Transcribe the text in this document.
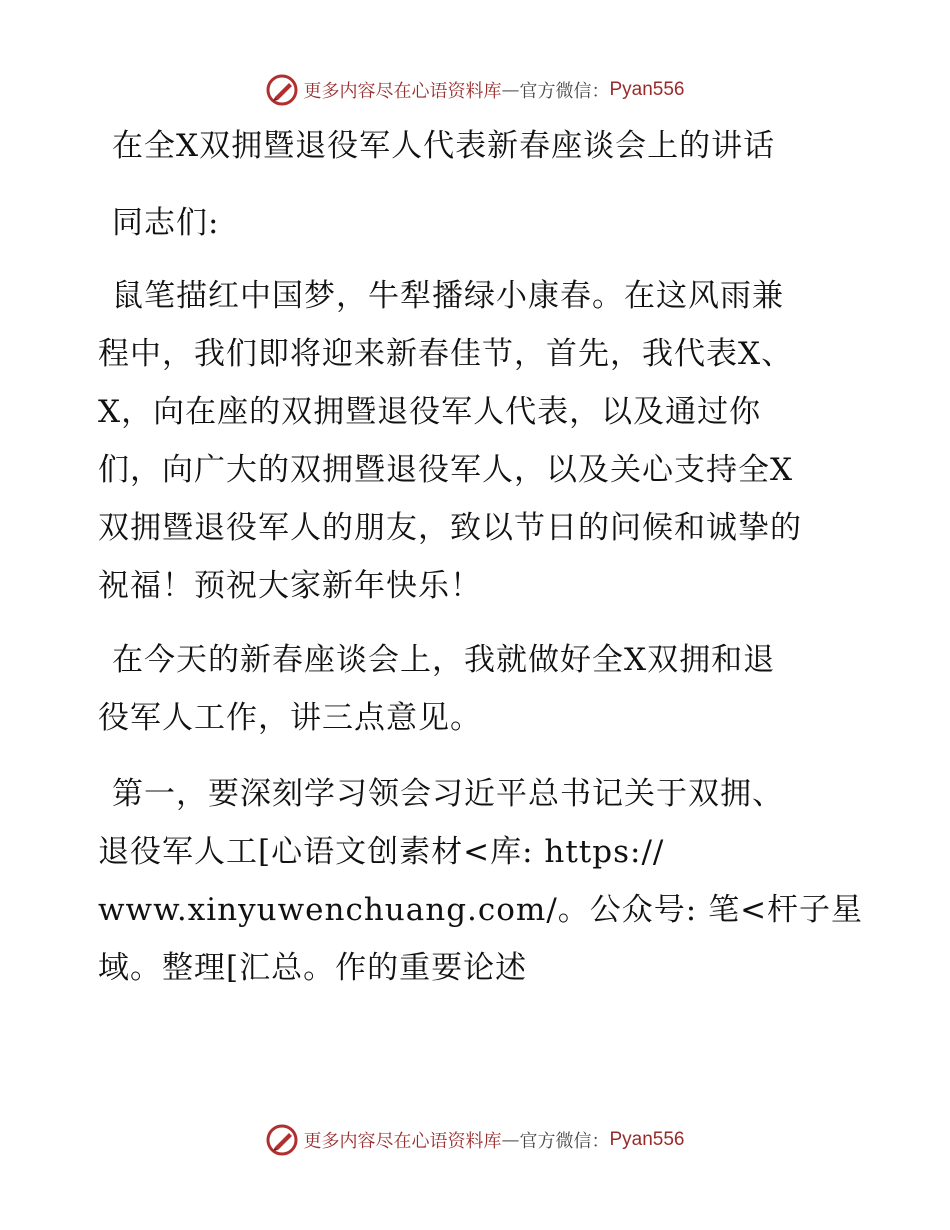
更多内容尽在心语资料库 — 官方微信： Pyan556
在全X双拥暨退役军人代表新春座谈会上的讲话
同志们:
鼠笔描红中国梦，牛犁播绿小康春。在这风雨兼
程中，我们即将迎来新春佳节，首先，我代表X、
X，向在座的双拥暨退役军人代表，以及通过你
们，向广大的双拥暨退役军人，以及关心支持全X
双拥暨退役军人的朋友，致以节日的问候和诚挚的
祝福！预祝大家新年快乐！
在今天的新春座谈会上，我就做好全X双拥和退
役军人工作，讲三点意见。
第一，要深刻学习领会习近平总书记关于双拥、
退役军人工[心语文创素材<库: https://
www.xinyuwenchuang.com/。公众号: 笔<杆子星
域。整理[汇总。作的重要论述
更多内容尽在心语资料库 — 官方微信： Pyan556
